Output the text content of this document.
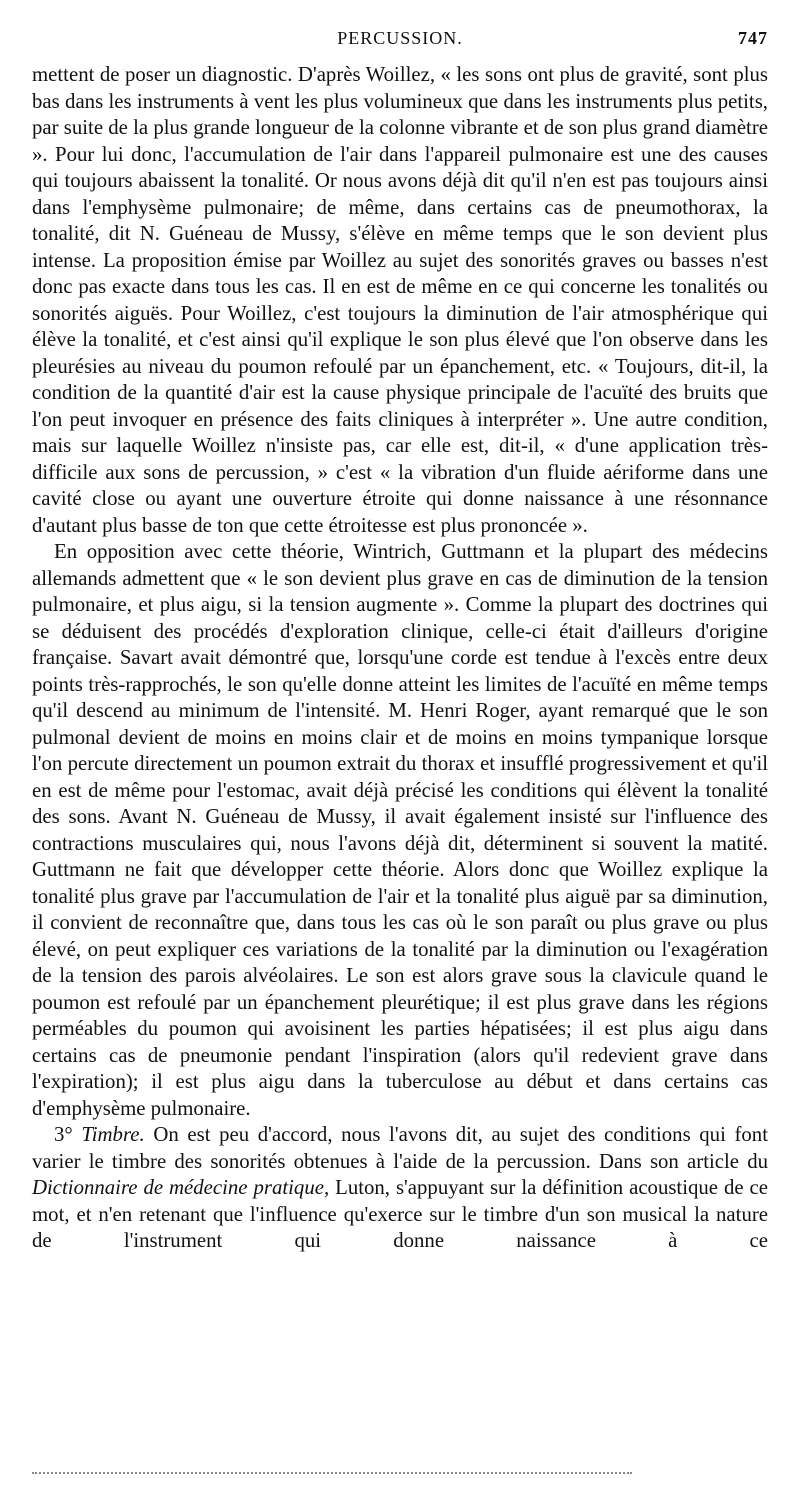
PERCUSSION.	747

mettent de poser un diagnostic. D'après Woillez, « les sons ont plus de gravité, sont plus bas dans les instruments à vent les plus volumineux que dans les instruments plus petits, par suite de la plus grande longueur de la colonne vibrante et de son plus grand diamètre ». Pour lui donc, l'accumulation de l'air dans l'appareil pulmonaire est une des causes qui toujours abaissent la tonalité. Or nous avons déjà dit qu'il n'en est pas toujours ainsi dans l'emphysème pulmonaire; de même, dans certains cas de pneumothorax, la tonalité, dit N. Guéneau de Mussy, s'élève en même temps que le son devient plus intense. La proposition émise par Woillez au sujet des sonorités graves ou basses n'est donc pas exacte dans tous les cas. Il en est de même en ce qui concerne les tonalités ou sonorités aiguës. Pour Woillez, c'est toujours la diminution de l'air atmosphérique qui élève la tonalité, et c'est ainsi qu'il explique le son plus élevé que l'on observe dans les pleurésies au niveau du poumon refoulé par un épanchement, etc. « Toujours, dit-il, la condition de la quantité d'air est la cause physique principale de l'acuïté des bruits que l'on peut invoquer en présence des faits cliniques à interpréter ». Une autre condition, mais sur laquelle Woillez n'insiste pas, car elle est, dit-il, « d'une application très-difficile aux sons de percussion, » c'est « la vibration d'un fluide aériforme dans une cavité close ou ayant une ouverture étroite qui donne naissance à une résonnance d'autant plus basse de ton que cette étroitesse est plus prononcée ».

En opposition avec cette théorie, Wintrich, Guttmann et la plupart des médecins allemands admettent que « le son devient plus grave en cas de diminution de la tension pulmonaire, et plus aigu, si la tension augmente ». Comme la plupart des doctrines qui se déduisent des procédés d'exploration clinique, celle-ci était d'ailleurs d'origine française. Savart avait démontré que, lorsqu'une corde est tendue à l'excès entre deux points très-rapprochés, le son qu'elle donne atteint les limites de l'acuïté en même temps qu'il descend au minimum de l'intensité. M. Henri Roger, ayant remarqué que le son pulmonal devient de moins en moins clair et de moins en moins tympanique lorsque l'on percute directement un poumon extrait du thorax et insufflé progressivement et qu'il en est de même pour l'estomac, avait déjà précisé les conditions qui élèvent la tonalité des sons. Avant N. Guéneau de Mussy, il avait également insisté sur l'influence des contractions musculaires qui, nous l'avons déjà dit, déterminent si souvent la matité. Guttmann ne fait que développer cette théorie. Alors donc que Woillez explique la tonalité plus grave par l'accumulation de l'air et la tonalité plus aiguë par sa diminution, il convient de reconnaître que, dans tous les cas où le son paraît ou plus grave ou plus élevé, on peut expliquer ces variations de la tonalité par la diminution ou l'exagération de la tension des parois alvéolaires. Le son est alors grave sous la clavicule quand le poumon est refoulé par un épanchement pleurétique; il est plus grave dans les régions perméables du poumon qui avoisinent les parties hépatisées; il est plus aigu dans certains cas de pneumonie pendant l'inspiration (alors qu'il redevient grave dans l'expiration); il est plus aigu dans la tuberculose au début et dans certains cas d'emphysème pulmonaire.

3° Timbre. On est peu d'accord, nous l'avons dit, au sujet des conditions qui font varier le timbre des sonorités obtenues à l'aide de la percussion. Dans son article du Dictionnaire de médecine pratique, Luton, s'appuyant sur la définition acoustique de ce mot, et n'en retenant que l'influence qu'exerce sur le timbre d'un son musical la nature de l'instrument qui donne naissance à ce
